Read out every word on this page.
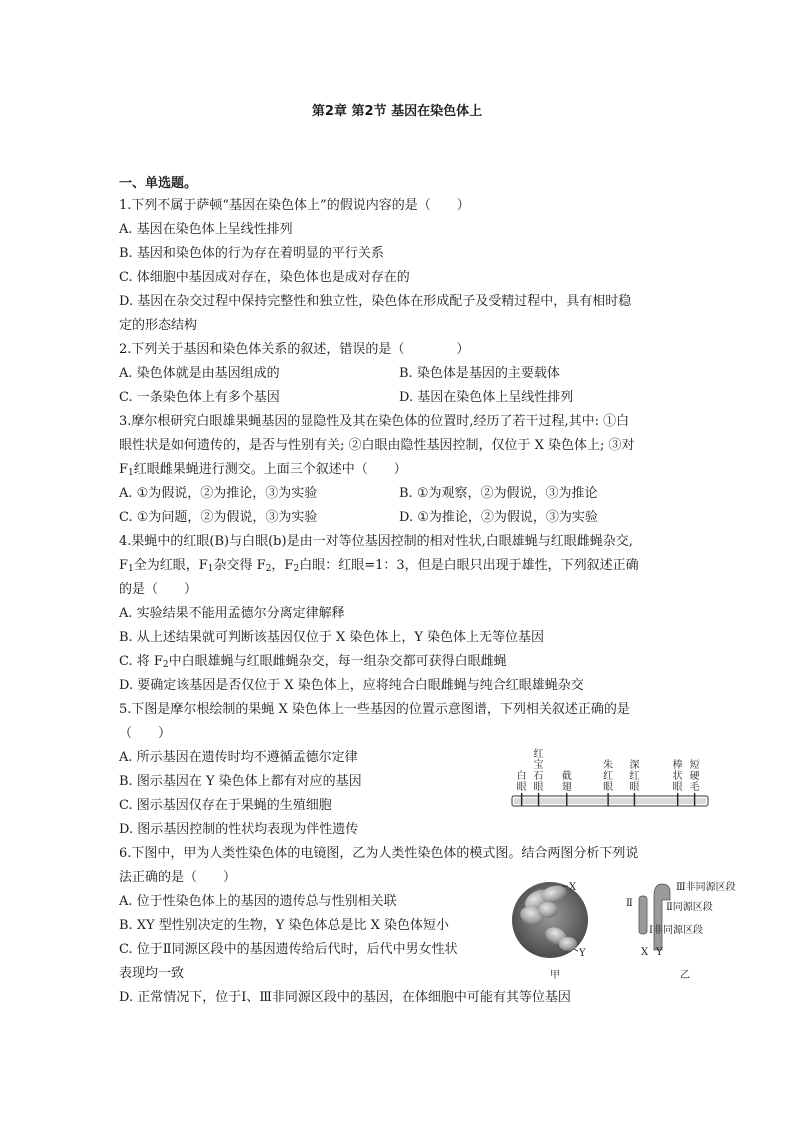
第2章 第2节 基因在染色体上
一、单选题。
1.下列不属于萨顿“基因在染色体上”的假说内容的是（　　）
A. 基因在染色体上呈线性排列
B. 基因和染色体的行为存在着明显的平行关系
C. 体细胞中基因成对存在，染色体也是成对存在的
D. 基因在杂交过程中保持完整性和独立性，染色体在形成配子及受精过程中，具有相时稳
定的形态结构
2.下列关于基因和染色体关系的叙述，错误的是（　　　　）
A. 染色体就是由基因组成的	B. 染色体是基因的主要载体
C. 一条染色体上有多个基因	D. 基因在染色体上呈线性排列
3.摩尔根研究白眼雄果蝇基因的显隐性及其在染色体的位置时,经历了若干过程,其中: ①白
眼性状是如何遗传的，是否与性别有关; ②白眼由隐性基因控制，仅位于 X 染色体上; ③对
$F_1$红眼雌果蝇进行测交。上面三个叙述中（　　）
A. ①为假说，②为推论，③为实验	B. ①为观察，②为假说，③为推论
C. ①为问题，②为假说，③为实验	D. ①为推论，②为假说，③为实验
4.果蝇中的红眼(B)与白眼(b)是由一对等位基因控制的相对性状,白眼雄蝇与红眼雌蝇杂交,
$F_1$全为红眼，$F_1$杂交得 $F_2$，$F_2$白眼：红眼=1：3，但是白眼只出现于雄性，下列叙述正确
的是（　　）
A. 实验结果不能用孟德尔分离定律解释
B. 从上述结果就可判断该基因仅位于 X 染色体上，Y 染色体上无等位基因
C. 将 $F_2$中白眼雄蝇与红眼雌蝇杂交，每一组杂交都可获得白眼雌蝇
D. 要确定该基因是否仅位于 X 染色体上，应将纯合白眼雌蝇与纯合红眼雄蝇杂交
5.下图是摩尔根绘制的果蝇 X 染色体上一些基因的位置示意图谱，下列相关叙述正确的是
（　　）
A. 所示基因在遗传时均不遵循孟德尔定律
B. 图示基因在 Y 染色体上都有对应的基因
C. 图示基因仅存在于果蝇的生殖细胞
D. 图示基因控制的性状均表现为伴性遗传
白
眼
红
宝
石
眼
截
翅
朱
红
眼
深
红
眼
棒
状
眼
短
硬
毛
6.下图中，甲为人类性染色体的电镜图，乙为人类性染色体的模式图。结合两图分析下列说
法正确的是（　　）
A. 位于性染色体上的基因的遗传总与性别相关联
B. XY 型性别决定的生物，Y 染色体总是比 X 染色体短小
C. 位于Ⅱ同源区段中的基因遗传给后代时，后代中男女性状
表现均一致
D. 正常情况下，位于Ⅰ、Ⅲ非同源区段中的基因，在体细胞中可能有其等位基因
X
Y
甲
Ⅲ非同源区段
Ⅱ	Ⅱ同源区段
Ⅰ非同源区段
X Y
乙
